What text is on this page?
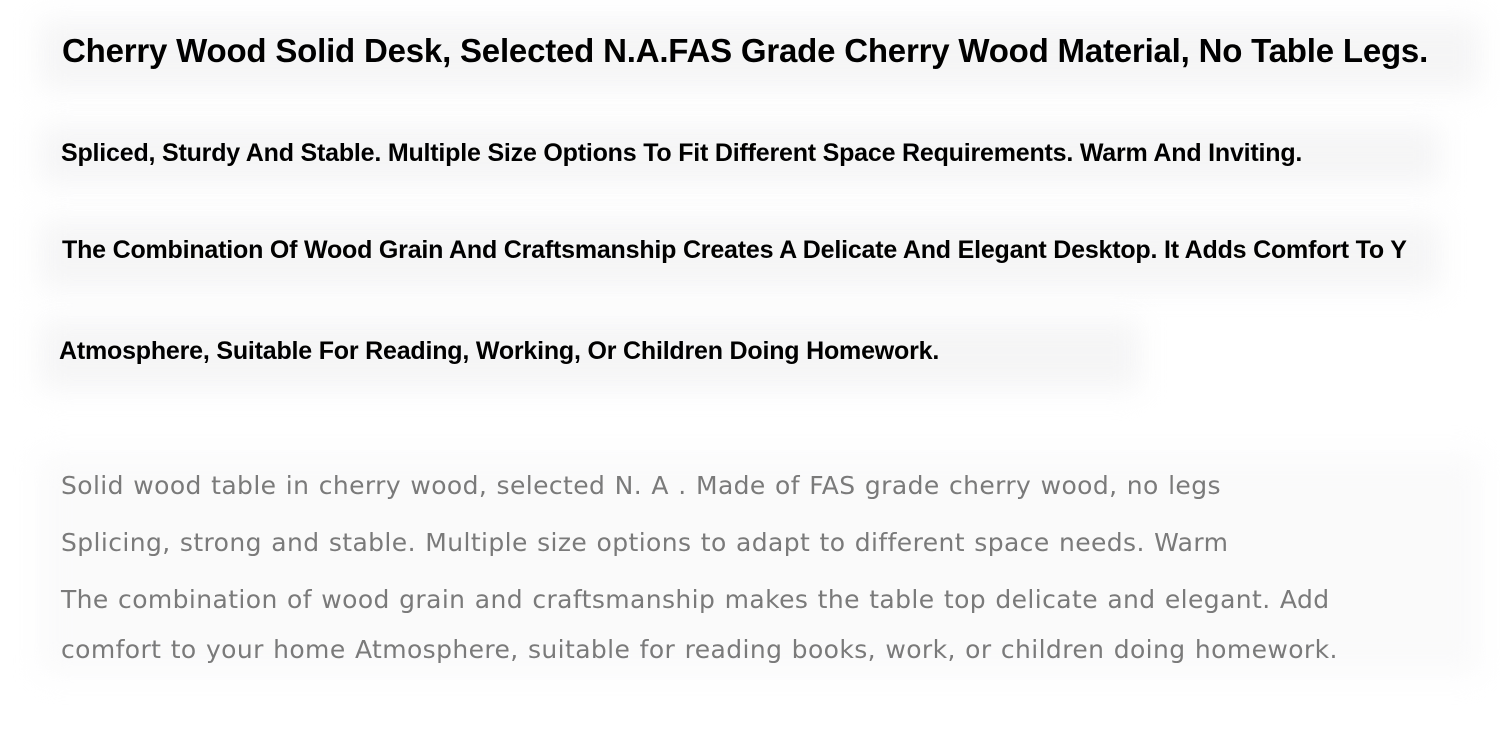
Cherry Wood Solid Desk, Selected N.A.FAS Grade Cherry Wood Material, No Table Legs.

Spliced, Sturdy And Stable. Multiple Size Options To Fit Different Space Requirements. Warm And Inviting.

The Combination Of Wood Grain And Craftsmanship Creates A Delicate And Elegant Desktop. It Adds Comfort To Y

Atmosphere, Suitable For Reading, Working, Or Children Doing Homework.

Solid wood table in cherry wood, selected N. A . Made of FAS grade cherry wood, no legs

Splicing, strong and stable. Multiple size options to adapt to different space needs. Warm

The combination of wood grain and craftsmanship makes the table top delicate and elegant. Add

comfort to your home Atmosphere, suitable for reading books, work, or children doing homework.
